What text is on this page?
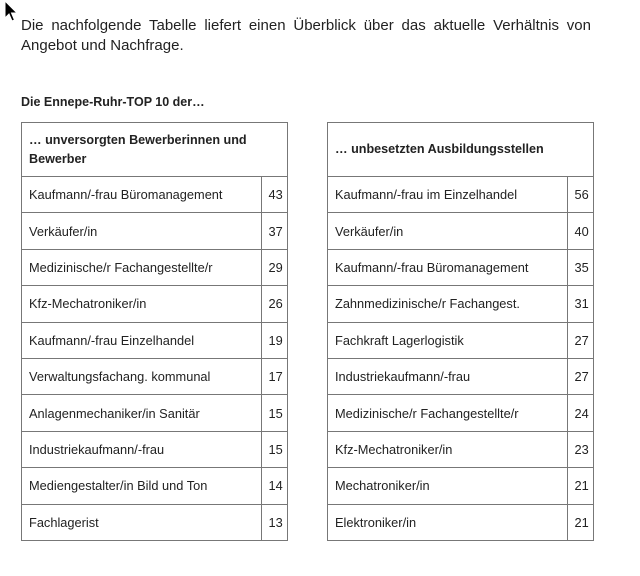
Die nachfolgende Tabelle liefert einen Überblick über das aktuelle Verhältnis von Angebot und Nachfrage.
Die Ennepe-Ruhr-TOP 10 der…
… unversorgten Bewerberinnen und Bewerber	
Kaufmann/-frau Büromanagement	43
Verkäufer/in	37
Medizinische/r Fachangestellte/r	29
Kfz-Mechatroniker/in	26
Kaufmann/-frau Einzelhandel	19
Verwaltungsfachang. kommunal	17
Anlagenmechaniker/in Sanitär	15
Industriekaufmann/-frau	15
Mediengestalter/in Bild und Ton	14
Fachlagerist	13
… unbesetzten Ausbildungsstellen	
Kaufmann/-frau im Einzelhandel	56
Verkäufer/in	40
Kaufmann/-frau Büromanagement	35
Zahnmedizinische/r Fachangest.	31
Fachkraft Lagerlogistik	27
Industriekaufmann/-frau	27
Medizinische/r Fachangestellte/r	24
Kfz-Mechatroniker/in	23
Mechatroniker/in	21
Elektroniker/in	21
